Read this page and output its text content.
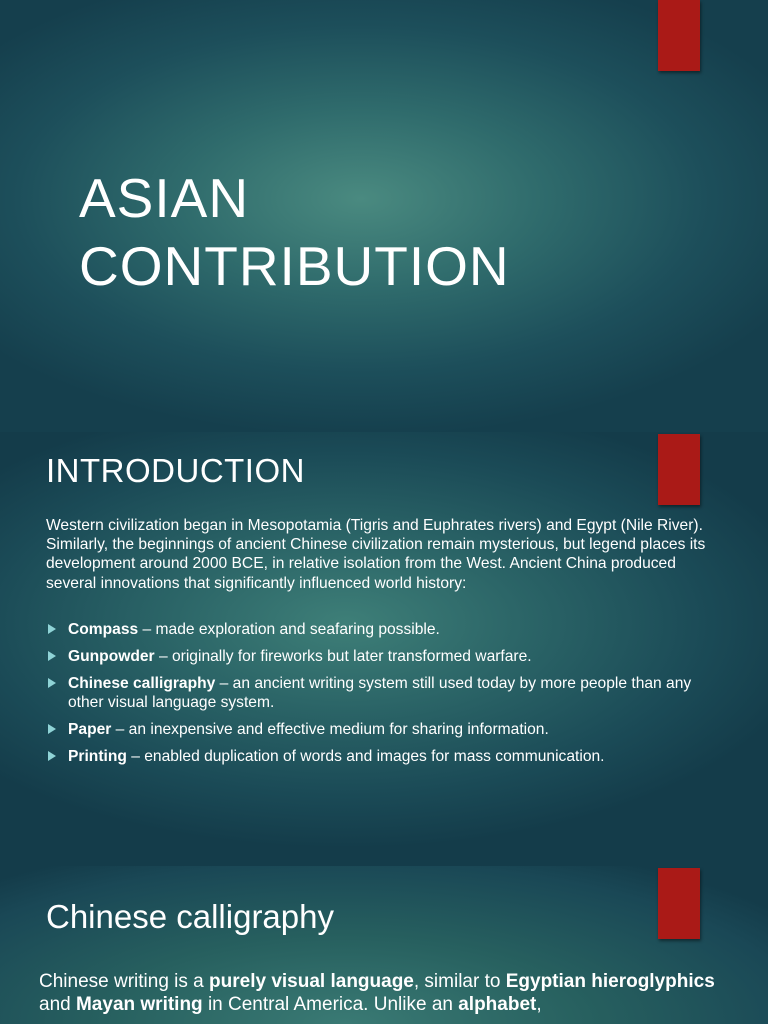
ASIAN
CONTRIBUTION
INTRODUCTION

Western civilization began in Mesopotamia (Tigris and Euphrates rivers) and Egypt (Nile River). Similarly, the beginnings of ancient Chinese civilization remain mysterious, but legend places its development around 2000 BCE, in relative isolation from the West. Ancient China produced several innovations that significantly influenced world history:

Compass – made exploration and seafaring possible.
Gunpowder – originally for fireworks but later transformed warfare.
Chinese calligraphy – an ancient writing system still used today by more people than any other visual language system.
Paper – an inexpensive and effective medium for sharing information.
Printing – enabled duplication of words and images for mass communication.
Chinese calligraphy

Chinese writing is a purely visual language, similar to Egyptian hieroglyphics and Mayan writing in Central America. Unlike an alphabet,
